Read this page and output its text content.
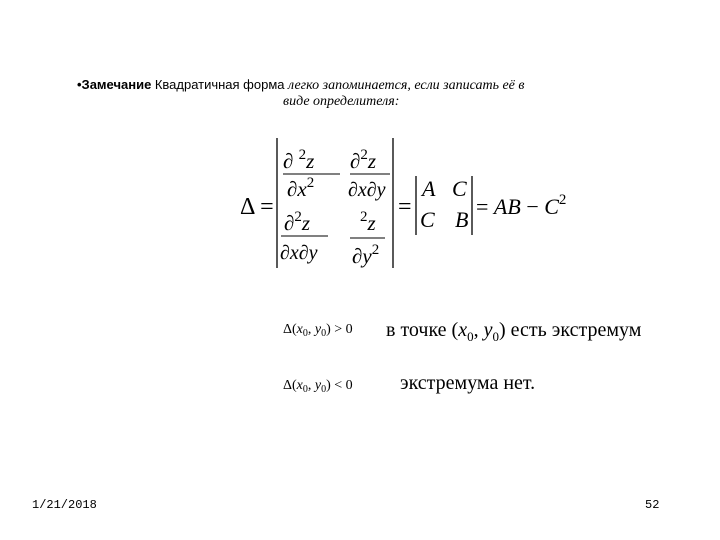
•Замечание Квадратичная форма легко запоминается, если записать её в
виде определителя:
Δ =
∂ $^2$z
$\partial x^2$
∂$^2$z
∂x∂y
∂$^2$z
∂x∂y
$^2$z
$\partial y^2$
=
A C
C B
= AB − $C^2$
$\Delta(x_0$, $y_0) > 0$
$\Delta(x_0$, $y_0) < 0$
в точке ($x_0$, $y_0$) есть экстремум
экстремума нет.
1/21/2018	52
